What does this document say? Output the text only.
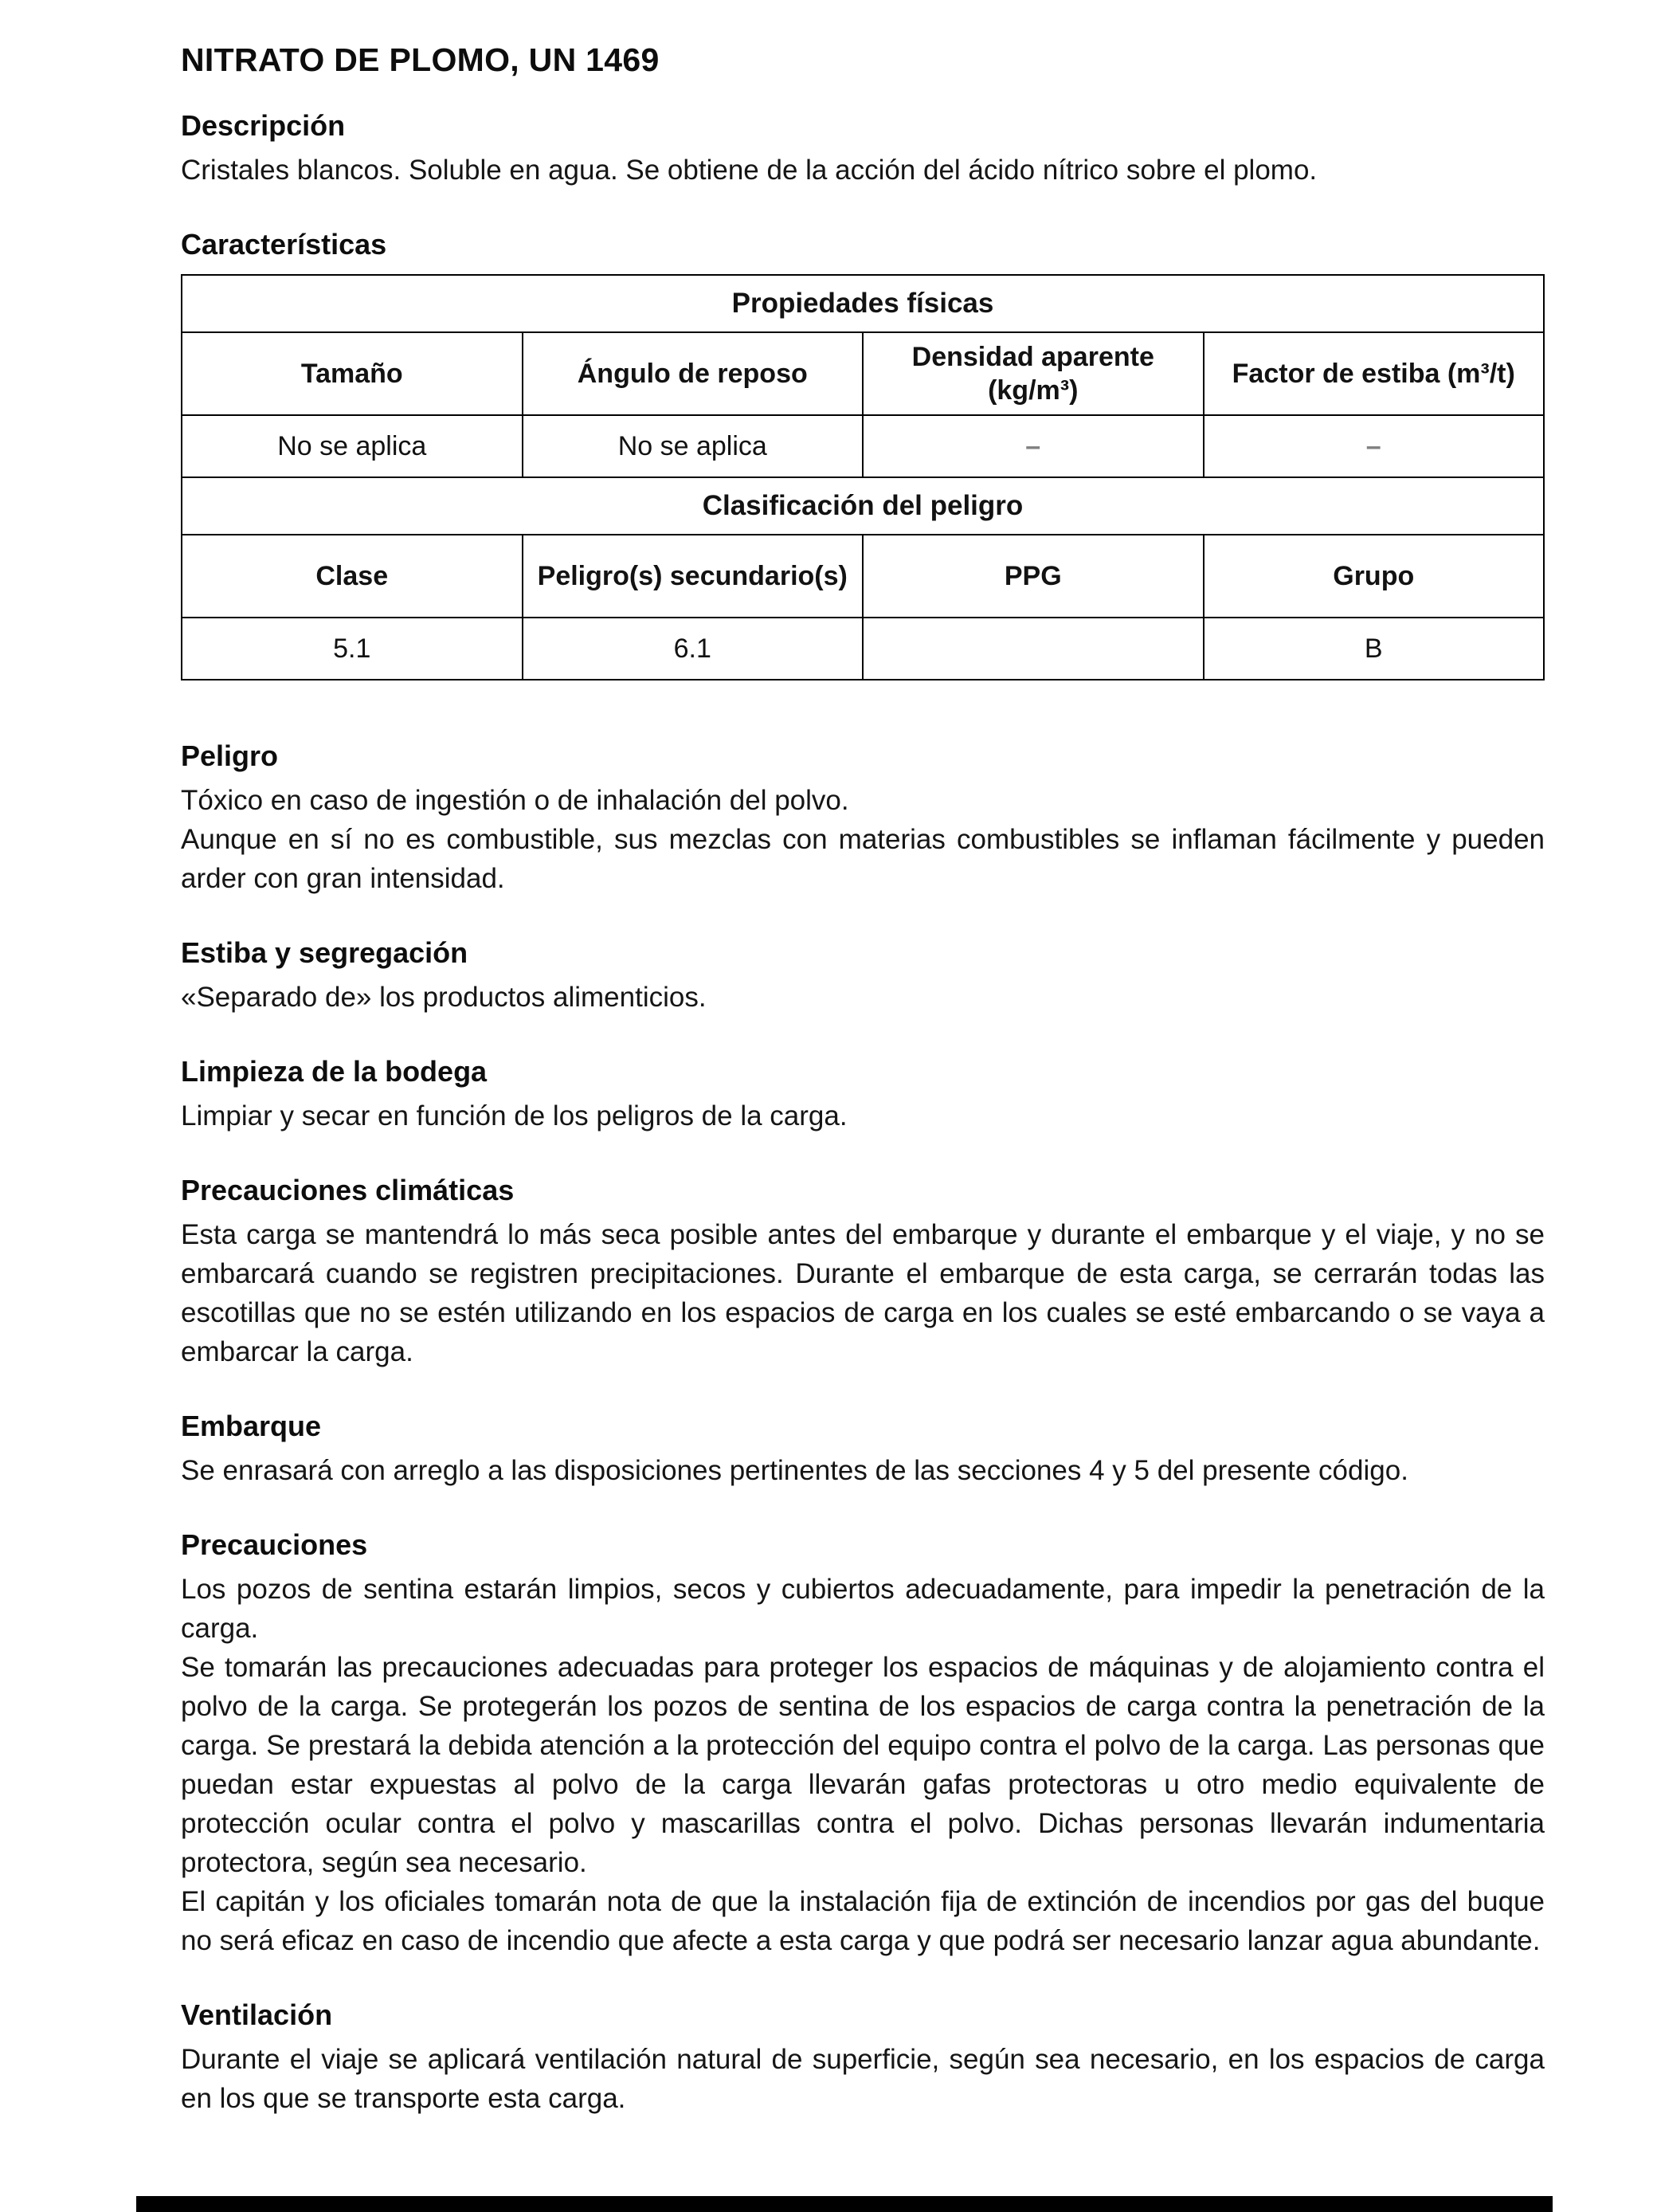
NITRATO DE PLOMO, UN 1469
Descripción

Cristales blancos. Soluble en agua. Se obtiene de la acción del ácido nítrico sobre el plomo.

Características
Propiedades físicas			
Tamaño	Ángulo de reposo	Densidad aparente (kg/m³)	Factor de estiba (m³/t)
No se aplica	No se aplica	–	–
Clasificación del peligro			
Clase	Peligro(s) secundario(s)	PPG	Grupo
5.1	6.1		B
Peligro

Tóxico en caso de ingestión o de inhalación del polvo.

Aunque en sí no es combustible, sus mezclas con materias combustibles se inflaman fácilmente y pueden arder con gran intensidad.

Estiba y segregación

«Separado de» los productos alimenticios.

Limpieza de la bodega

Limpiar y secar en función de los peligros de la carga.

Precauciones climáticas

Esta carga se mantendrá lo más seca posible antes del embarque y durante el embarque y el viaje, y no se embarcará cuando se registren precipitaciones. Durante el embarque de esta carga, se cerrarán todas las escotillas que no se estén utilizando en los espacios de carga en los cuales se esté embarcando o se vaya a embarcar la carga.

Embarque

Se enrasará con arreglo a las disposiciones pertinentes de las secciones 4 y 5 del presente código.

Precauciones

Los pozos de sentina estarán limpios, secos y cubiertos adecuadamente, para impedir la penetración de la carga.

Se tomarán las precauciones adecuadas para proteger los espacios de máquinas y de alojamiento contra el polvo de la carga. Se protegerán los pozos de sentina de los espacios de carga contra la penetración de la carga. Se prestará la debida atención a la protección del equipo contra el polvo de la carga. Las personas que puedan estar expuestas al polvo de la carga llevarán gafas protectoras u otro medio equivalente de protección ocular contra el polvo y mascarillas contra el polvo. Dichas personas llevarán indumentaria protectora, según sea necesario.

El capitán y los oficiales tomarán nota de que la instalación fija de extinción de incendios por gas del buque no será eficaz en caso de incendio que afecte a esta carga y que podrá ser necesario lanzar agua abundante.

Ventilación

Durante el viaje se aplicará ventilación natural de superficie, según sea necesario, en los espacios de carga en los que se transporte esta carga.
